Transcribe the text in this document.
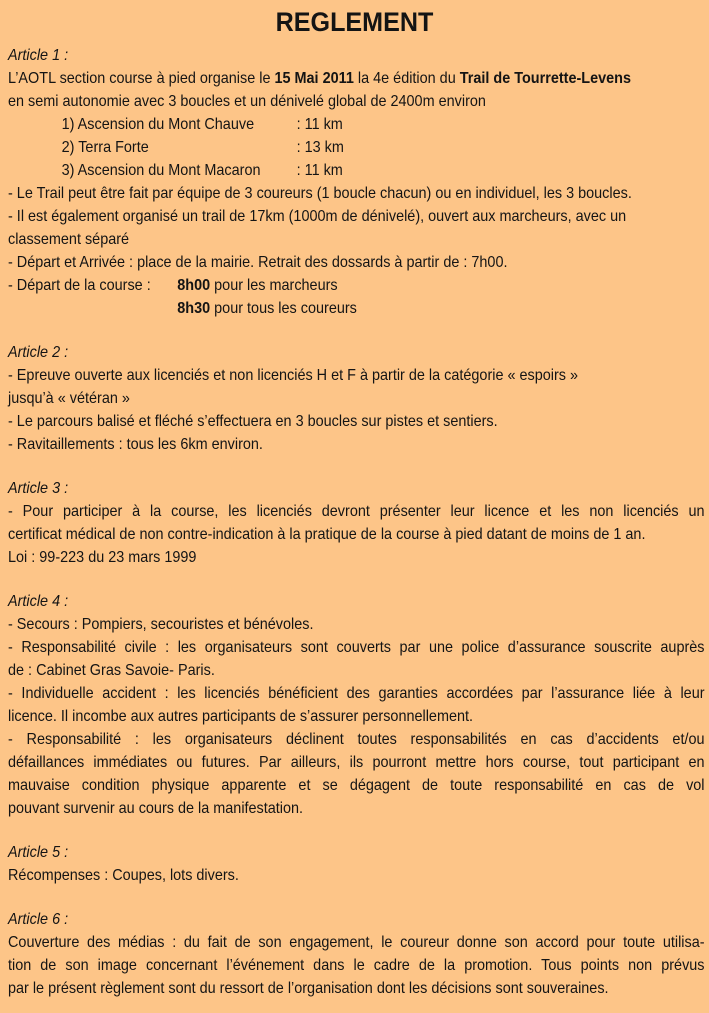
REGLEMENT
Article 1 :
L’AOTL section course à pied organise le 15 Mai 2011 la 4e édition du Trail de Tourrette-Levens
en semi autonomie avec 3 boucles et un dénivelé global de 2400m environ
1) Ascension du Mont Chauve	: 11 km
2) Terra Forte	: 13 km
3) Ascension du Mont Macaron : 11 km
- Le Trail peut être fait par équipe de 3 coureurs (1 boucle chacun) ou en individuel, les 3 boucles.
- Il est également organisé un trail de 17km (1000m de dénivelé), ouvert aux marcheurs, avec un
classement séparé
- Départ et Arrivée : place de la mairie. Retrait des dossards à partir de : 7h00.
- Départ de la course : 8h00 pour les marcheurs
8h30 pour tous les coureurs
Article 2 :
- Epreuve ouverte aux licenciés et non licenciés H et F à partir de la catégorie « espoirs »
jusqu’à « vétéran »
- Le parcours balisé et fléché s’effectuera en 3 boucles sur pistes et sentiers.
- Ravitaillements : tous les 6km environ.
Article 3 :
- Pour participer à la course, les licenciés devront présenter leur licence et les non licenciés un
certificat médical de non contre-indication à la pratique de la course à pied datant de moins de 1 an.
Loi : 99-223 du 23 mars 1999
Article 4 :
- Secours : Pompiers, secouristes et bénévoles.
- Responsabilité civile : les organisateurs sont couverts par une police d’assurance souscrite auprès
de : Cabinet Gras Savoie- Paris.
- Individuelle accident : les licenciés bénéficient des garanties accordées par l’assurance liée à leur
licence. Il incombe aux autres participants de s’assurer personnellement.
- Responsabilité : les organisateurs déclinent toutes responsabilités en cas d’accidents et/ou
défaillances immédiates ou futures. Par ailleurs, ils pourront mettre hors course, tout participant en
mauvaise condition physique apparente et se dégagent de toute responsabilité en cas de vol
pouvant survenir au cours de la manifestation.
Article 5 :
Récompenses : Coupes, lots divers.
Article 6 :
Couverture des médias : du fait de son engagement, le coureur donne son accord pour toute utilisa-
tion de son image concernant l’événement dans le cadre de la promotion. Tous points non prévus
par le présent règlement sont du ressort de l’organisation dont les décisions sont souveraines.
